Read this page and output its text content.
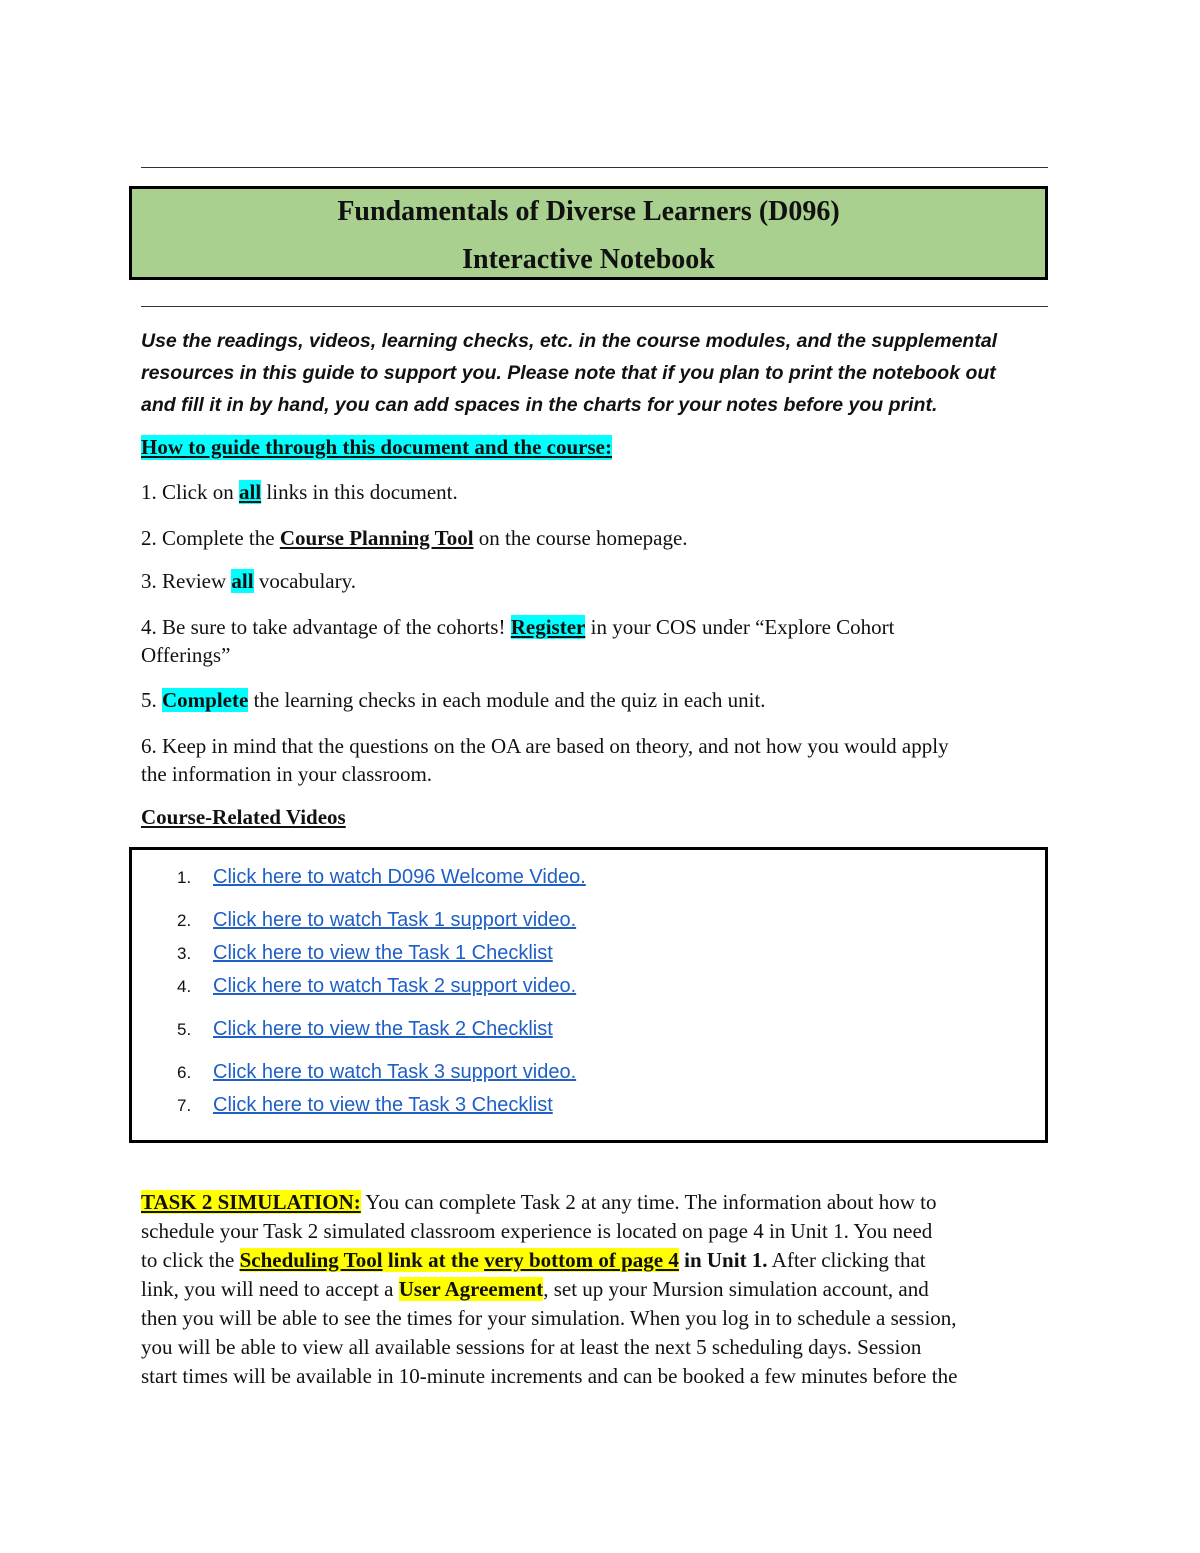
Fundamentals of Diverse Learners (D096)
Interactive Notebook
Use the readings, videos, learning checks, etc. in the course modules, and the supplemental
resources in this guide to support you. Please note that if you plan to print the notebook out
and fill it in by hand, you can add spaces in the charts for your notes before you print.
How to guide through this document and the course:
1. Click on all links in this document.
2. Complete the Course Planning Tool on the course homepage.
3. Review all vocabulary.
4. Be sure to take advantage of the cohorts! Register in your COS under “Explore Cohort
Offerings”
5. Complete the learning checks in each module and the quiz in each unit.
6. Keep in mind that the questions on the OA are based on theory, and not how you would apply
the information in your classroom.
Course-Related Videos
1. Click here to watch D096 Welcome Video.
2. Click here to watch Task 1 support video.
3. Click here to view the Task 1 Checklist
4. Click here to watch Task 2 support video.
5. Click here to view the Task 2 Checklist
6. Click here to watch Task 3 support video.
7. Click here to view the Task 3 Checklist
TASK 2 SIMULATION: You can complete Task 2 at any time. The information about how to
schedule your Task 2 simulated classroom experience is located on page 4 in Unit 1. You need
to click the Scheduling Tool link at the very bottom of page 4 in Unit 1. After clicking that
link, you will need to accept a User Agreement, set up your Mursion simulation account, and
then you will be able to see the times for your simulation. When you log in to schedule a session,
you will be able to view all available sessions for at least the next 5 scheduling days. Session
start times will be available in 10-minute increments and can be booked a few minutes before the
